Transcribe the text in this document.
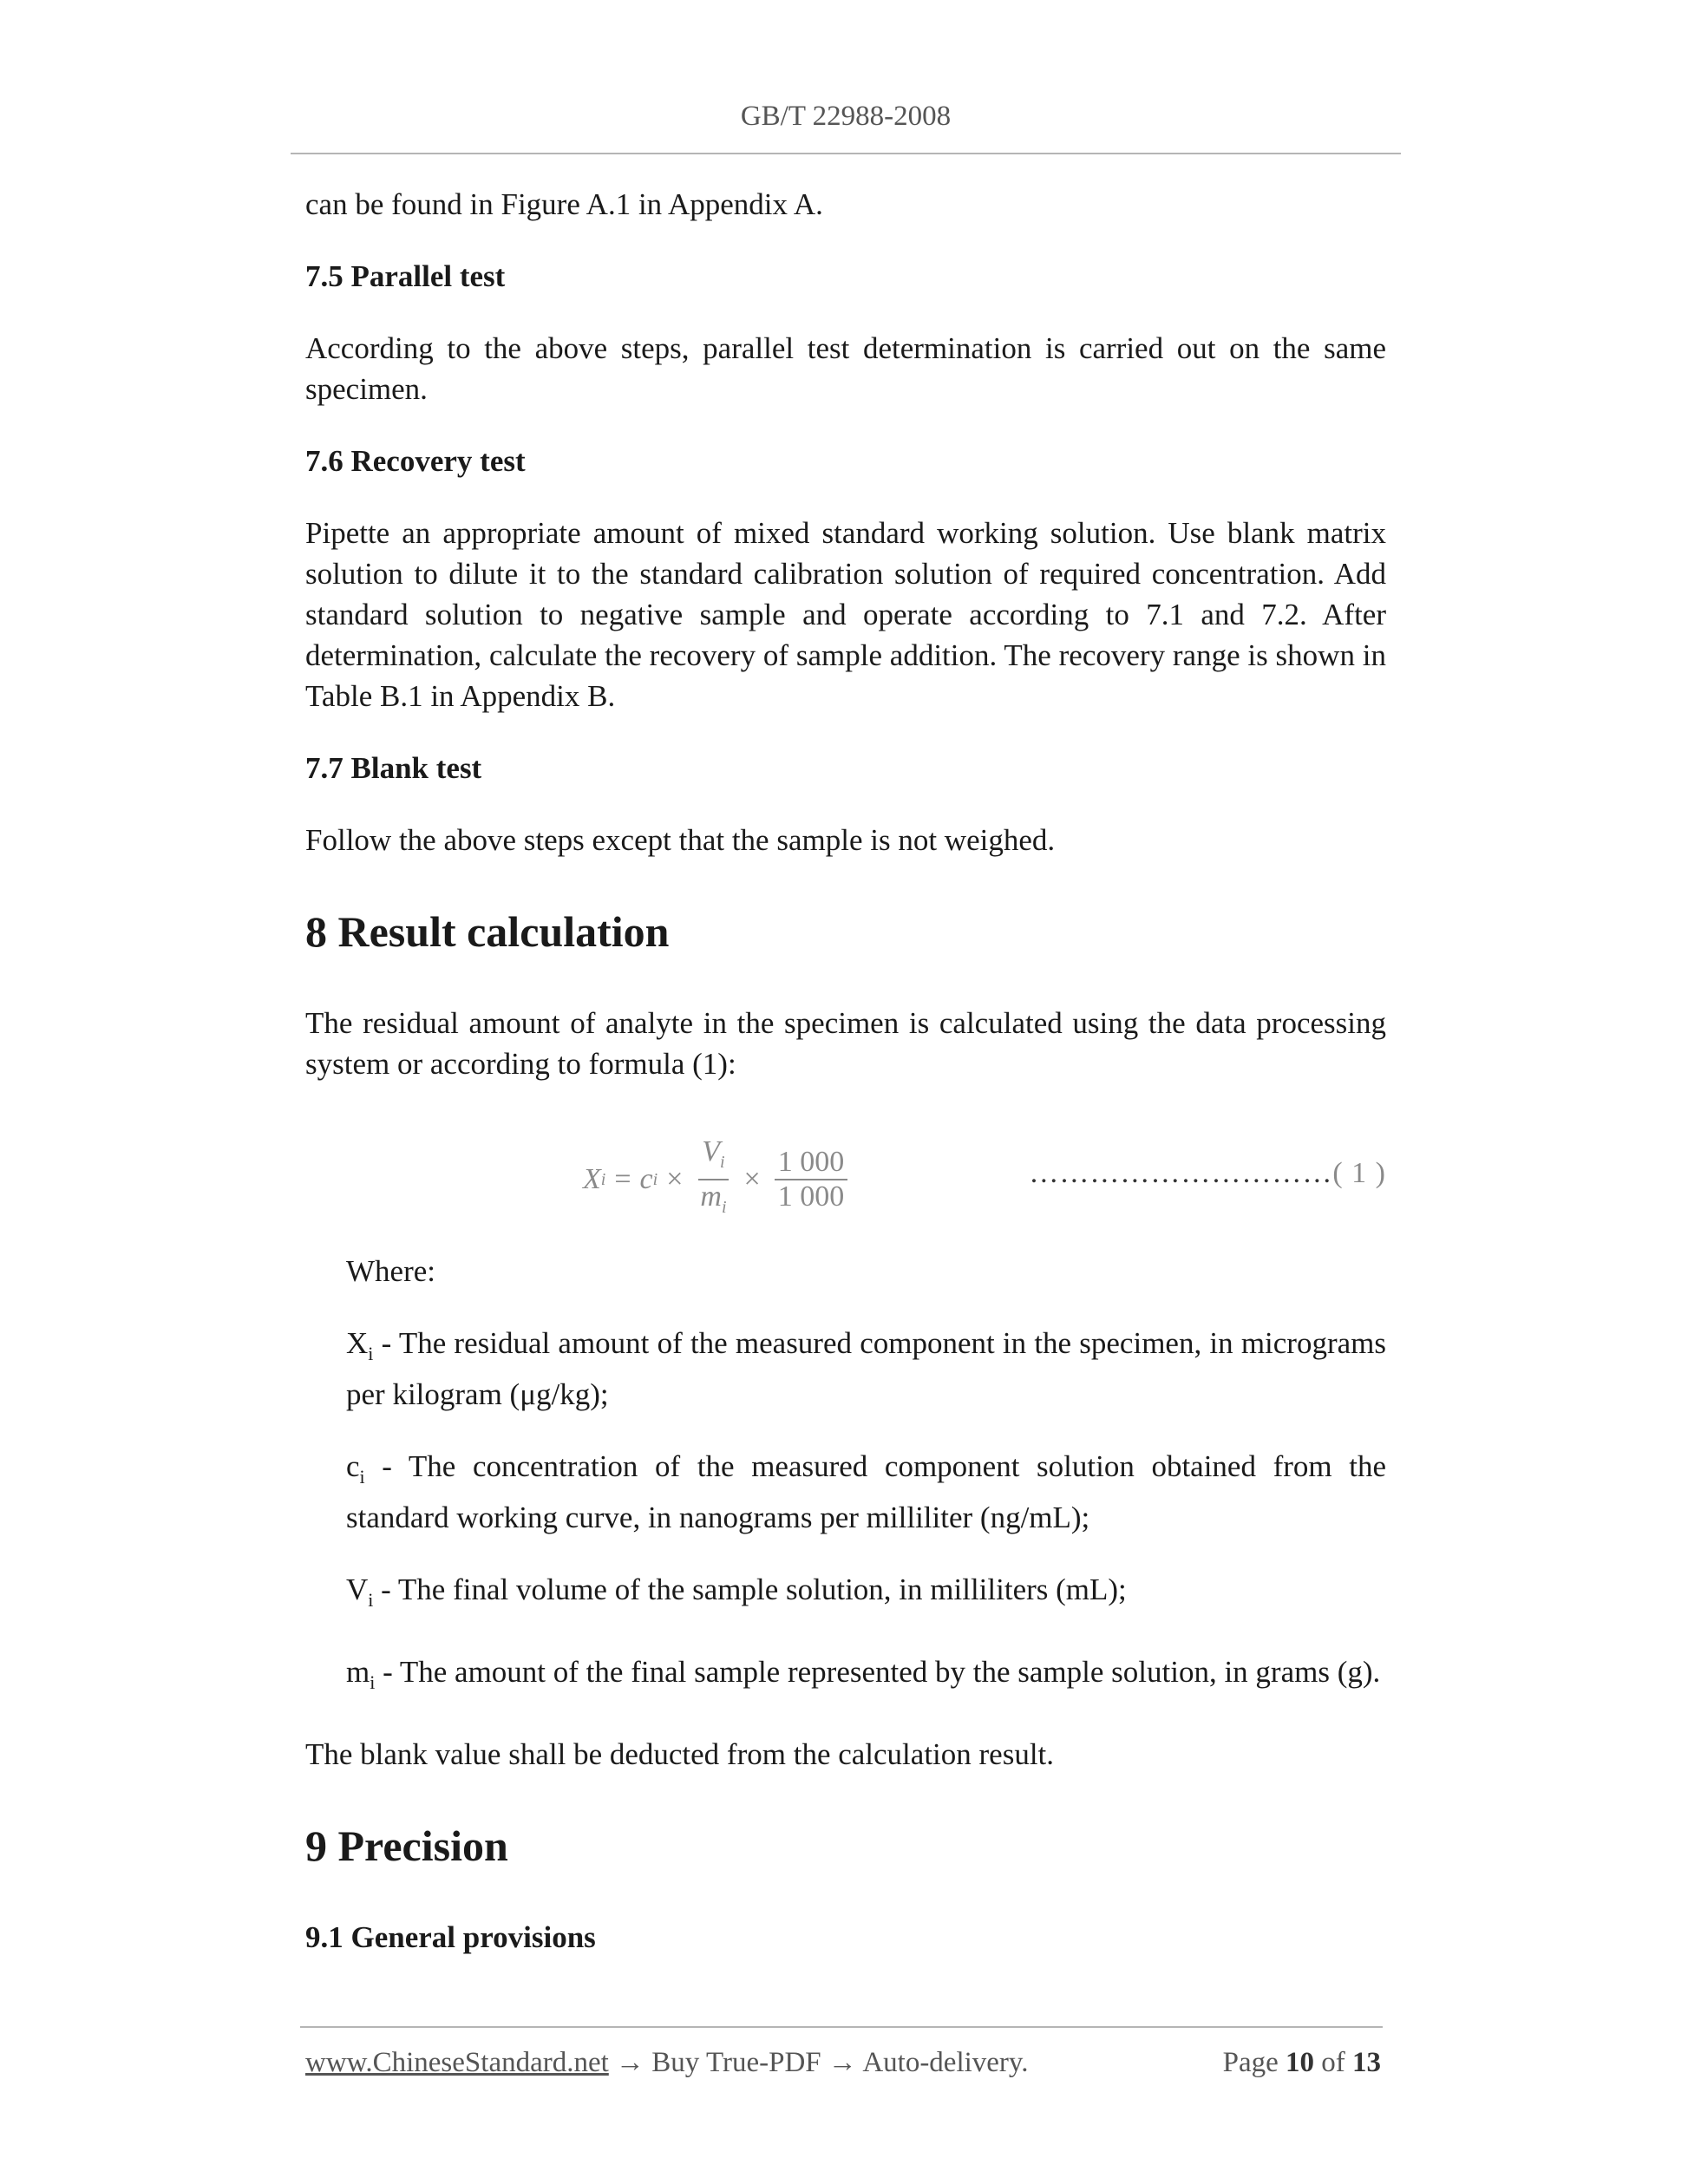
GB/T 22988-2008

can be found in Figure A.1 in Appendix A.

7.5 Parallel test

According to the above steps, parallel test determination is carried out on the same specimen.

7.6 Recovery test

Pipette an appropriate amount of mixed standard working solution. Use blank matrix solution to dilute it to the standard calibration solution of required concentration. Add standard solution to negative sample and operate according to 7.1 and 7.2. After determination, calculate the recovery of sample addition. The recovery range is shown in Table B.1 in Appendix B.

7.7 Blank test

Follow the above steps except that the sample is not weighed.

8 Result calculation

The residual amount of analyte in the specimen is calculated using the data processing system or according to formula (1):

X i = c $i \times \frac{V_i}{m_i} \times \frac{1 000}{1 000}$	…………………………( 1 )

Where:

$X_i$ - The residual amount of the measured component in the specimen, in micrograms per kilogram (μg/kg);

$c_i$ - The concentration of the measured component solution obtained from the standard working curve, in nanograms per milliliter (ng/mL);

$V_i$ - The final volume of the sample solution, in milliliters (mL);

$m_i$ - The amount of the final sample represented by the sample solution, in grams (g).

The blank value shall be deducted from the calculation result.

9 Precision
9.1 General provisions
www.ChineseStandard.net → Buy True-PDF → Auto-delivery.	Page 10 of 13
